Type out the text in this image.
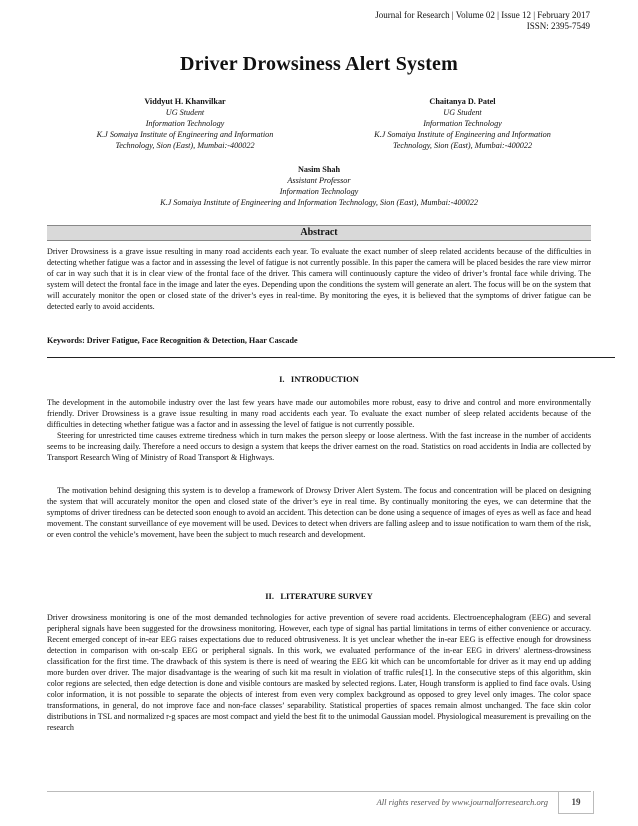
Journal for Research | Volume 02 | Issue 12 | February 2017
ISSN: 2395-7549
Driver Drowsiness Alert System
Viddyut H. Khanvilkar
UG Student
Information Technology
K.J Somaiya Institute of Engineering and Information
Technology, Sion (East), Mumbai:-400022
Chaitanya D. Patel
UG Student
Information Technology
K.J Somaiya Institute of Engineering and Information
Technology, Sion (East), Mumbai:-400022
Nasim Shah
Assistant Professor
Information Technology
K.J Somaiya Institute of Engineering and Information Technology, Sion (East), Mumbai:-400022
Abstract
Driver Drowsiness is a grave issue resulting in many road accidents each year. To evaluate the exact number of sleep related accidents because of the difficulties in detecting whether fatigue was a factor and in assessing the level of fatigue is not currently possible. In this paper the camera will be placed besides the rare view mirror of car in way such that it is in clear view of the frontal face of the driver. This camera will continuously capture the video of driver’s frontal face while driving. The system will detect the frontal face in the image and later the eyes. Depending upon the conditions the system will generate an alert. The focus will be on the system that will accurately monitor the open or closed state of the driver’s eyes in real-time. By monitoring the eyes, it is believed that the symptoms of driver fatigue can be detected early to avoid accidents.
Keywords: Driver Fatigue, Face Recognition & Detection, Haar Cascade
I. INTRODUCTION
The development in the automobile industry over the last few years have made our automobiles more robust, easy to drive and control and more environmentally friendly. Driver Drowsiness is a grave issue resulting in many road accidents each year. To evaluate the exact number of sleep related accidents because of the difficulties in detecting whether fatigue was a factor and in assessing the level of fatigue is not currently possible.
Steering for unrestricted time causes extreme tiredness which in turn makes the person sleepy or loose alertness. With the fast increase in the number of accidents seems to be increasing daily. Therefore a need occurs to design a system that keeps the driver earnest on the road. Statistics on road accidents in India are collected by Transport Research Wing of Ministry of Road Transport & Highways.
The motivation behind designing this system is to develop a framework of Drowsy Driver Alert System. The focus and concentration will be placed on designing the system that will accurately monitor the open and closed state of the driver’s eye in real time. By continually monitoring the eyes, we can determine that the symptoms of driver tiredness can be detected soon enough to avoid an accident. This detection can be done using a sequence of images of eyes as well as face and head movement. The constant surveillance of eye movement will be used. Devices to detect when drivers are falling asleep and to issue notification to warn them of the risk, or even control the vehicle’s movement, have been the subject to much research and development.
II. LITERATURE SURVEY
Driver drowsiness monitoring is one of the most demanded technologies for active prevention of severe road accidents. Electroencephalogram (EEG) and several peripheral signals have been suggested for the drowsiness monitoring. However, each type of signal has partial limitations in terms of either convenience or accuracy. Recent emerged concept of in-ear EEG raises expectations due to reduced obtrusiveness. It is yet unclear whether the in-ear EEG is effective enough for drowsiness detection in comparison with on-scalp EEG or peripheral signals. In this work, we evaluated performance of the in-ear EEG in drivers' alertness-drowsiness classification for the first time. The drawback of this system is there is need of wearing the EEG kit which can be uncomfortable for driver as it may end up adding more burden over driver. The major disadvantage is the wearing of such kit ma result in violation of traffic rules[1]. In the consecutive steps of this algorithm, skin color regions are selected, then edge detection is done and visible contours are masked by selected regions. Later, Hough transform is applied to find face ovals. Using color information, it is not possible to separate the objects of interest from even very complex background as opposed to grey level only images. The color space transformations, in general, do not improve face and non-face classes’ separability. Statistical properties of spaces remain almost unchanged. The face skin color distributions in TSL and normalized r-g spaces are most compact and yield the best fit to the unimodal Gaussian model. Physiological measurement is prevailing on the research
All rights reserved by www.journalforresearch.org	19
